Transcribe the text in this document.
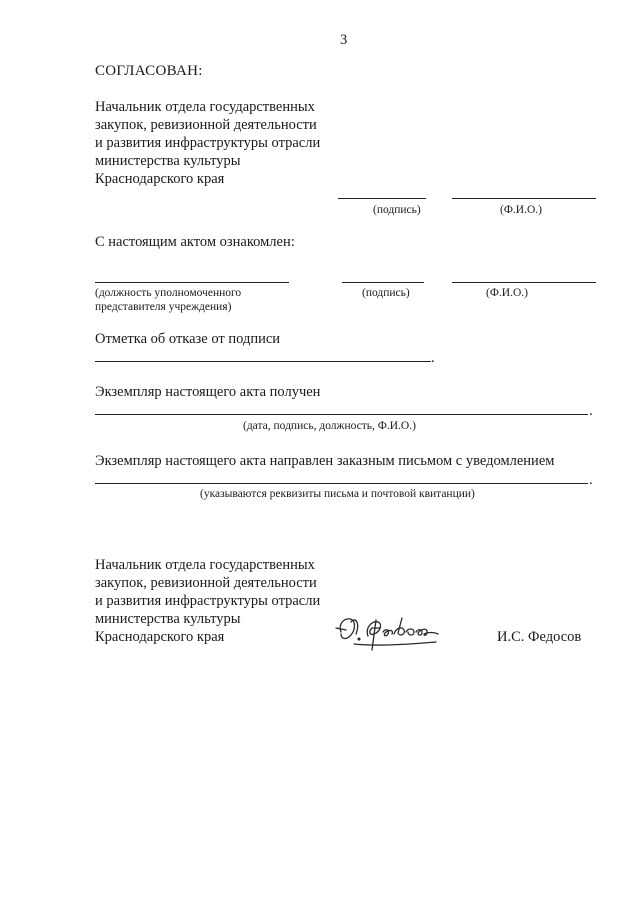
3
СОГЛАСОВАН:
Начальник отдела государственных
закупок, ревизионной деятельности
и развития инфраструктуры отрасли
министерства культуры
Краснодарского края
(подпись)	(Ф.И.О.)
С настоящим актом ознакомлен:
(должность уполномоченного
представителя учреждения)
(подпись)	(Ф.И.О.)
Отметка об отказе от подписи
.
Экземпляр настоящего акта получен
.
(дата, подпись, должность, Ф.И.О.)
Экземпляр настоящего акта направлен заказным письмом с уведомлением
.
(указываются реквизиты письма и почтовой квитанции)
Начальник отдела государственных
закупок, ревизионной деятельности
и развития инфраструктуры отрасли
министерства культуры
Краснодарского края	И.С. Федосов
